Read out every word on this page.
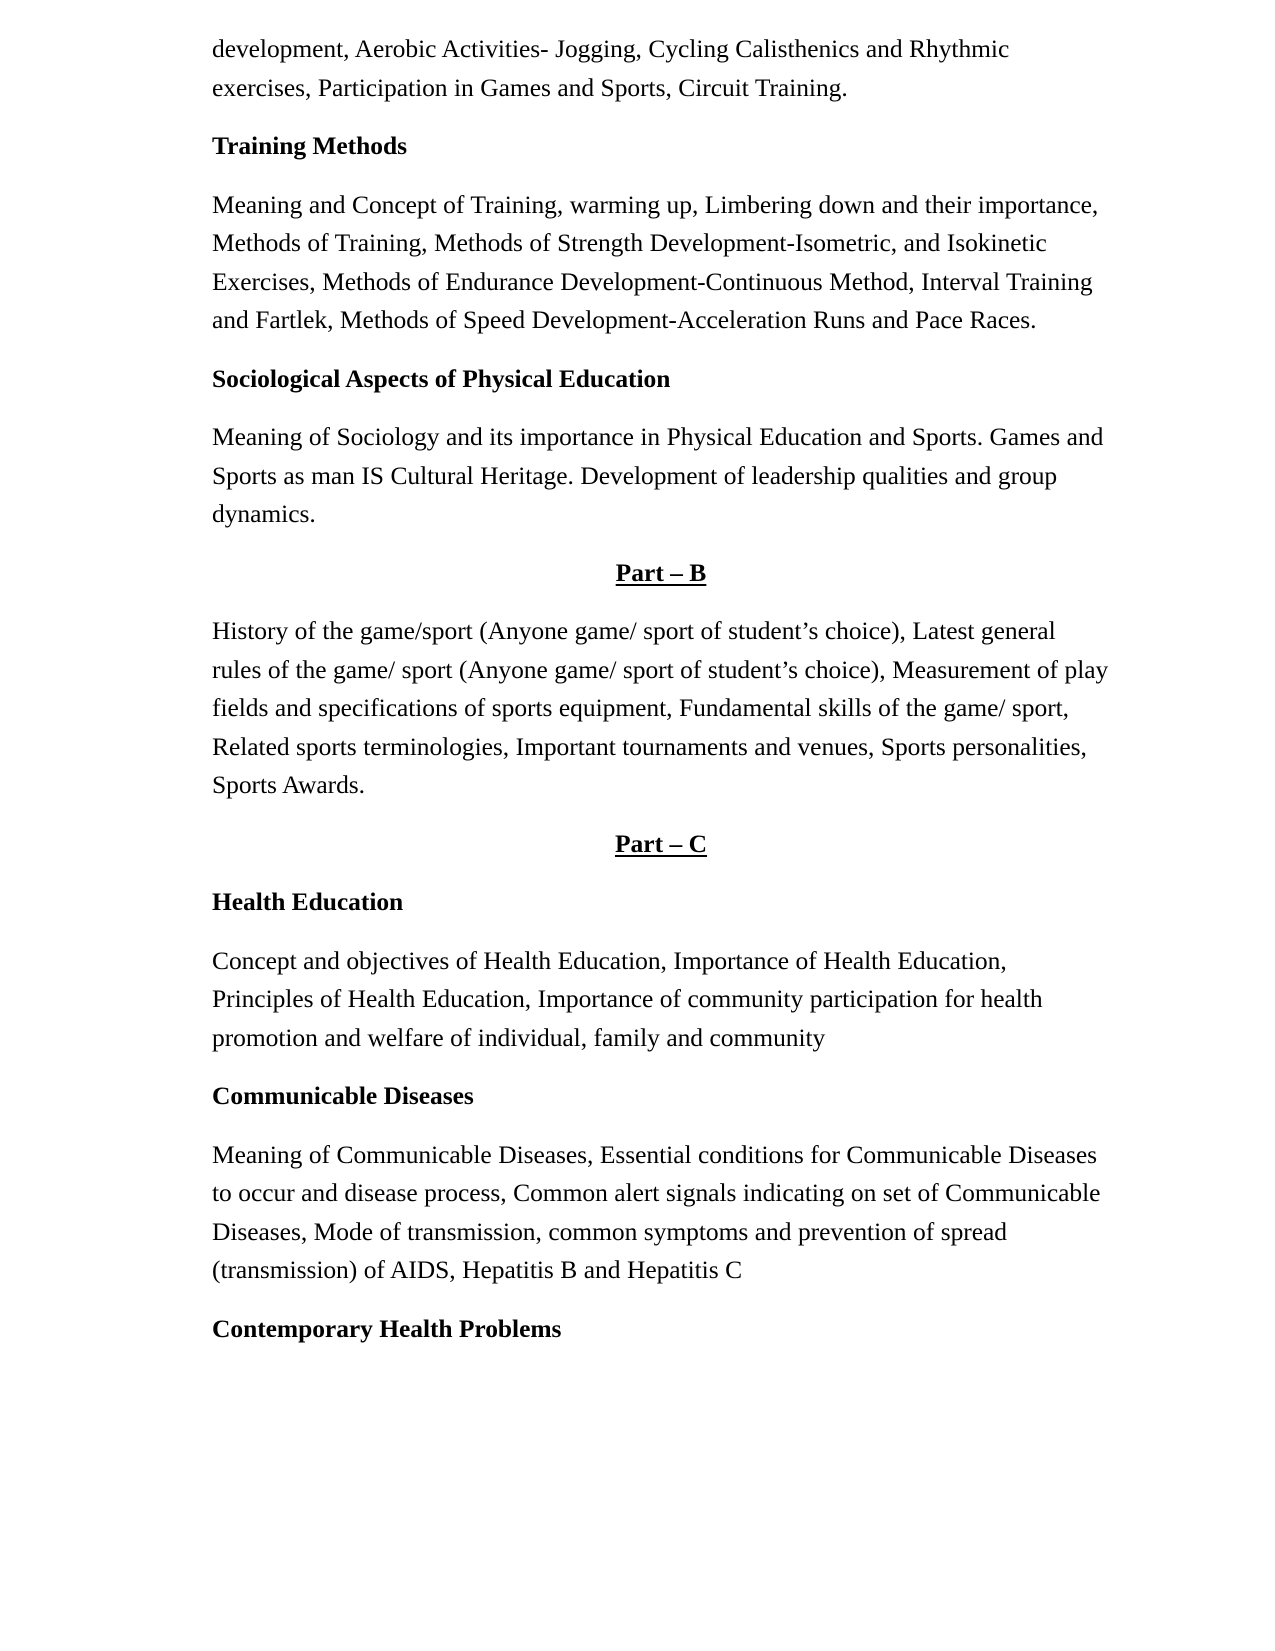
development, Aerobic Activities- Jogging, Cycling Calisthenics and Rhythmic exercises, Participation in Games and Sports, Circuit Training.

Training Methods

Meaning and Concept of Training, warming up, Limbering down and their importance, Methods of Training, Methods of Strength Development-Isometric, and Isokinetic Exercises, Methods of Endurance Development-Continuous Method, Interval Training and Fartlek, Methods of Speed Development-Acceleration Runs and Pace Races.

Sociological Aspects of Physical Education

Meaning of Sociology and its importance in Physical Education and Sports. Games and Sports as man IS Cultural Heritage. Development of leadership qualities and group dynamics.

Part – B

History of the game/sport (Anyone game/ sport of student’s choice), Latest general rules of the game/ sport (Anyone game/ sport of student’s choice), Measurement of play fields and specifications of sports equipment, Fundamental skills of the game/ sport, Related sports terminologies, Important tournaments and venues, Sports personalities, Sports Awards.

Part – C

Health Education

Concept and objectives of Health Education, Importance of Health Education, Principles of Health Education, Importance of community participation for health promotion and welfare of individual, family and community

Communicable Diseases

Meaning of Communicable Diseases, Essential conditions for Communicable Diseases to occur and disease process, Common alert signals indicating on set of Communicable Diseases, Mode of transmission, common symptoms and prevention of spread (transmission) of AIDS, Hepatitis B and Hepatitis C

Contemporary Health Problems
